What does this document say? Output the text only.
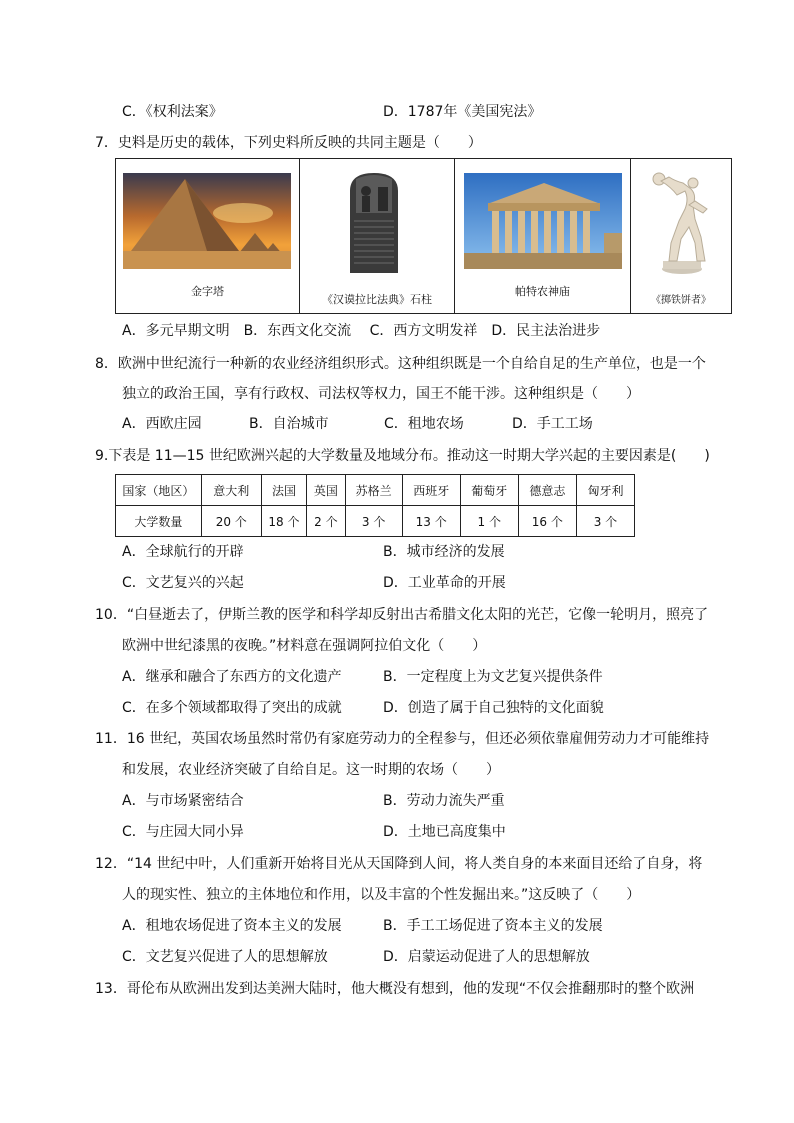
C．《权利法案》	D．1787年《美国宪法》
7．史料是历史的载体，下列史料所反映的共同主题是（　　）
金字塔
《汉谟拉比法典》石柱
帕特农神庙
《掷铁饼者》
A．多元早期文明　B．东西文化交流　 C．西方文明发祥　D．民主法治进步
8．欧洲中世纪流行一种新的农业经济组织形式。这种组织既是一个自给自足的生产单位，也是一个
独立的政治王国，享有行政权、司法权等权力，国王不能干涉。这种组织是（　　）
A．西欧庄园	B．自治城市	C．租地农场	D．手工工场
9.下表是 11—15 世纪欧洲兴起的大学数量及地域分布。推动这一时期大学兴起的主要因素是(　　)
国家（地区）	意大利	法国	英国	苏格兰	西班牙	葡萄牙	德意志	匈牙利
大学数量	20 个	18 个	2 个	3 个	13 个	1 个	16 个	3 个
A．全球航行的开辟	B．城市经济的发展
C．文艺复兴的兴起	D．工业革命的开展
10．“白昼逝去了，伊斯兰教的医学和科学却反射出古希腊文化太阳的光芒，它像一轮明月，照亮了
欧洲中世纪漆黑的夜晚。”材料意在强调阿拉伯文化（　　）
A．继承和融合了东西方的文化遗产	B．一定程度上为文艺复兴提供条件
C．在多个领域都取得了突出的成就	D．创造了属于自己独特的文化面貌
11．16 世纪，英国农场虽然时常仍有家庭劳动力的全程参与，但还必须依靠雇佣劳动力才可能维持
和发展，农业经济突破了自给自足。这一时期的农场（　　）
A．与市场紧密结合	B．劳动力流失严重
C．与庄园大同小异	D．土地已高度集中
12．“14 世纪中叶，人们重新开始将目光从天国降到人间，将人类自身的本来面目还给了自身，将
人的现实性、独立的主体地位和作用，以及丰富的个性发掘出来。”这反映了（　　）
A．租地农场促进了资本主义的发展	B．手工工场促进了资本主义的发展
C．文艺复兴促进了人的思想解放	D．启蒙运动促进了人的思想解放
13．哥伦布从欧洲出发到达美洲大陆时，他大概没有想到，他的发现“不仅会推翻那时的整个欧洲
